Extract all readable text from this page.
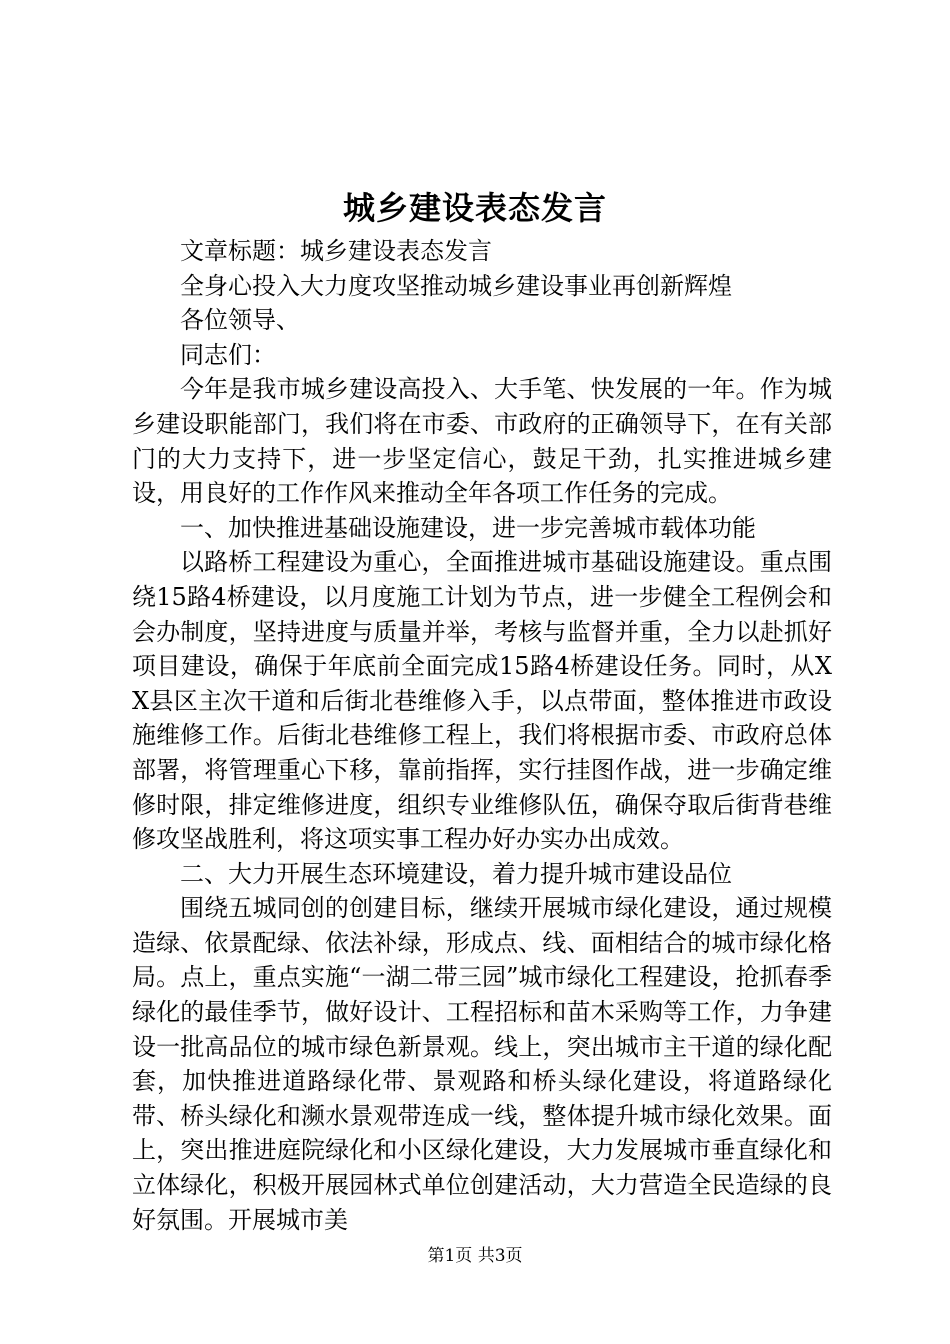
城乡建设表态发言

文章标题：城乡建设表态发言

全身心投入大力度攻坚推动城乡建设事业再创新辉煌

各位领导、

同志们：

今年是我市城乡建设高投入、大手笔、快发展的一年。作为城乡建设职能部门，我们将在市委、市政府的正确领导下，在有关部门的大力支持下，进一步坚定信心，鼓足干劲，扎实推进城乡建设，用良好的工作作风来推动全年各项工作任务的完成。

一、加快推进基础设施建设，进一步完善城市载体功能

以路桥工程建设为重心，全面推进城市基础设施建设。重点围绕15路4桥建设，以月度施工计划为节点，进一步健全工程例会和会办制度，坚持进度与质量并举，考核与监督并重，全力以赴抓好项目建设，确保于年底前全面完成15路4桥建设任务。同时，从XX县区主次干道和后街北巷维修入手，以点带面，整体推进市政设施维修工作。后街北巷维修工程上，我们将根据市委、市政府总体部署，将管理重心下移，靠前指挥，实行挂图作战，进一步确定维修时限，排定维修进度，组织专业维修队伍，确保夺取后街背巷维修攻坚战胜利，将这项实事工程办好办实办出成效。

二、大力开展生态环境建设，着力提升城市建设品位

围绕五城同创的创建目标，继续开展城市绿化建设，通过规模造绿、依景配绿、依法补绿，形成点、线、面相结合的城市绿化格局。点上，重点实施“一湖二带三园”城市绿化工程建设，抢抓春季绿化的最佳季节，做好设计、工程招标和苗木采购等工作，力争建设一批高品位的城市绿色新景观。线上，突出城市主干道的绿化配套，加快推进道路绿化带、景观路和桥头绿化建设，将道路绿化带、桥头绿化和濒水景观带连成一线，整体提升城市绿化效果。面上，突出推进庭院绿化和小区绿化建设，大力发展城市垂直绿化和立体绿化，积极开展园林式单位创建活动，大力营造全民造绿的良好氛围。开展城市美

第1页 共3页
